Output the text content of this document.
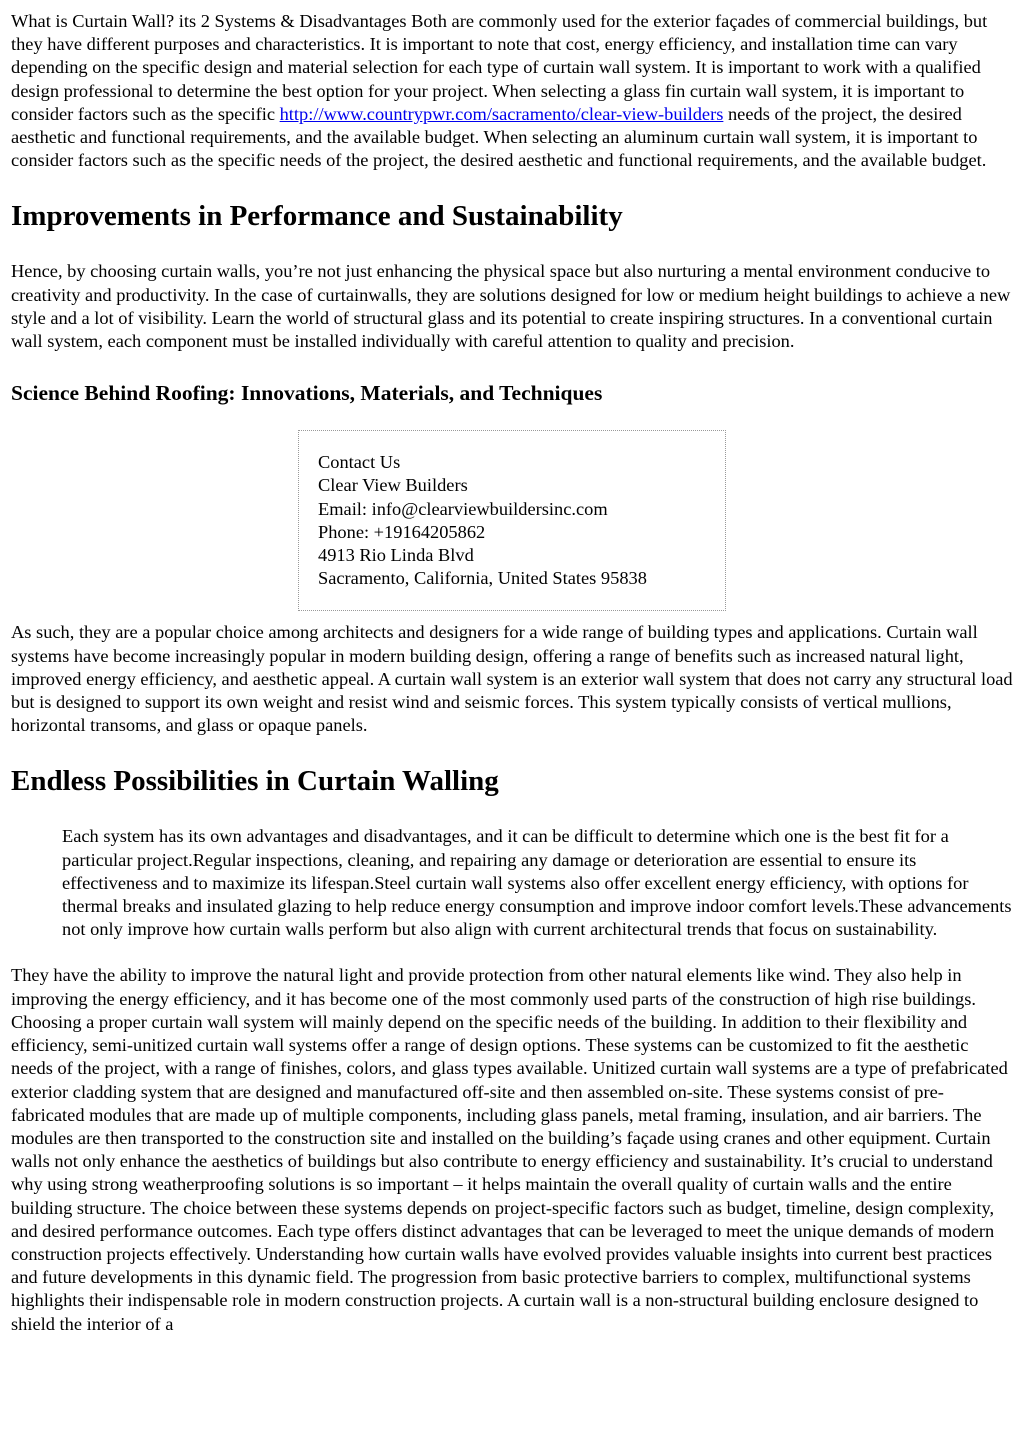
What is Curtain Wall? its 2 Systems & Disadvantages Both are commonly used for the exterior façades of commercial buildings, but they have different purposes and characteristics. It is important to note that cost, energy efficiency, and installation time can vary depending on the specific design and material selection for each type of curtain wall system. It is important to work with a qualified design professional to determine the best option for your project. When selecting a glass fin curtain wall system, it is important to consider factors such as the specific http://www.countrypwr.com/sacramento/clear-view-builders needs of the project, the desired aesthetic and functional requirements, and the available budget. When selecting an aluminum curtain wall system, it is important to consider factors such as the specific needs of the project, the desired aesthetic and functional requirements, and the available budget.

Improvements in Performance and Sustainability

Hence, by choosing curtain walls, you’re not just enhancing the physical space but also nurturing a mental environment conducive to creativity and productivity. In the case of curtainwalls, they are solutions designed for low or medium height buildings to achieve a new style and a lot of visibility. Learn the world of structural glass and its potential to create inspiring structures. In a conventional curtain wall system, each component must be installed individually with careful attention to quality and precision.

Science Behind Roofing: Innovations, Materials, and Techniques
Contact Us
Clear View Builders
Email: info@clearviewbuildersinc.com
Phone: +19164205862
4913 Rio Linda Blvd
Sacramento, California, United States 95838

As such, they are a popular choice among architects and designers for a wide range of building types and applications. Curtain wall systems have become increasingly popular in modern building design, offering a range of benefits such as increased natural light, improved energy efficiency, and aesthetic appeal. A curtain wall system is an exterior wall system that does not carry any structural load but is designed to support its own weight and resist wind and seismic forces. This system typically consists of vertical mullions, horizontal transoms, and glass or opaque panels.

Endless Possibilities in Curtain Walling
Each system has its own advantages and disadvantages, and it can be difficult to determine which one is the best fit for a particular project.Regular inspections, cleaning, and repairing any damage or deterioration are essential to ensure its effectiveness and to maximize its lifespan.Steel curtain wall systems also offer excellent energy efficiency, with options for thermal breaks and insulated glazing to help reduce energy consumption and improve indoor comfort levels.These advancements not only improve how curtain walls perform but also align with current architectural trends that focus on sustainability.

They have the ability to improve the natural light and provide protection from other natural elements like wind. They also help in improving the energy efficiency, and it has become one of the most commonly used parts of the construction of high rise buildings. Choosing a proper curtain wall system will mainly depend on the specific needs of the building. In addition to their flexibility and efficiency, semi-unitized curtain wall systems offer a range of design options. These systems can be customized to fit the aesthetic needs of the project, with a range of finishes, colors, and glass types available. Unitized curtain wall systems are a type of prefabricated exterior cladding system that are designed and manufactured off-site and then assembled on-site. These systems consist of pre-fabricated modules that are made up of multiple components, including glass panels, metal framing, insulation, and air barriers. The modules are then transported to the construction site and installed on the building’s façade using cranes and other equipment. Curtain walls not only enhance the aesthetics of buildings but also contribute to energy efficiency and sustainability. It’s crucial to understand why using strong weatherproofing solutions is so important – it helps maintain the overall quality of curtain walls and the entire building structure. The choice between these systems depends on project-specific factors such as budget, timeline, design complexity, and desired performance outcomes. Each type offers distinct advantages that can be leveraged to meet the unique demands of modern construction projects effectively. Understanding how curtain walls have evolved provides valuable insights into current best practices and future developments in this dynamic field. The progression from basic protective barriers to complex, multifunctional systems highlights their indispensable role in modern construction projects. A curtain wall is a non-structural building enclosure designed to shield the interior of a
